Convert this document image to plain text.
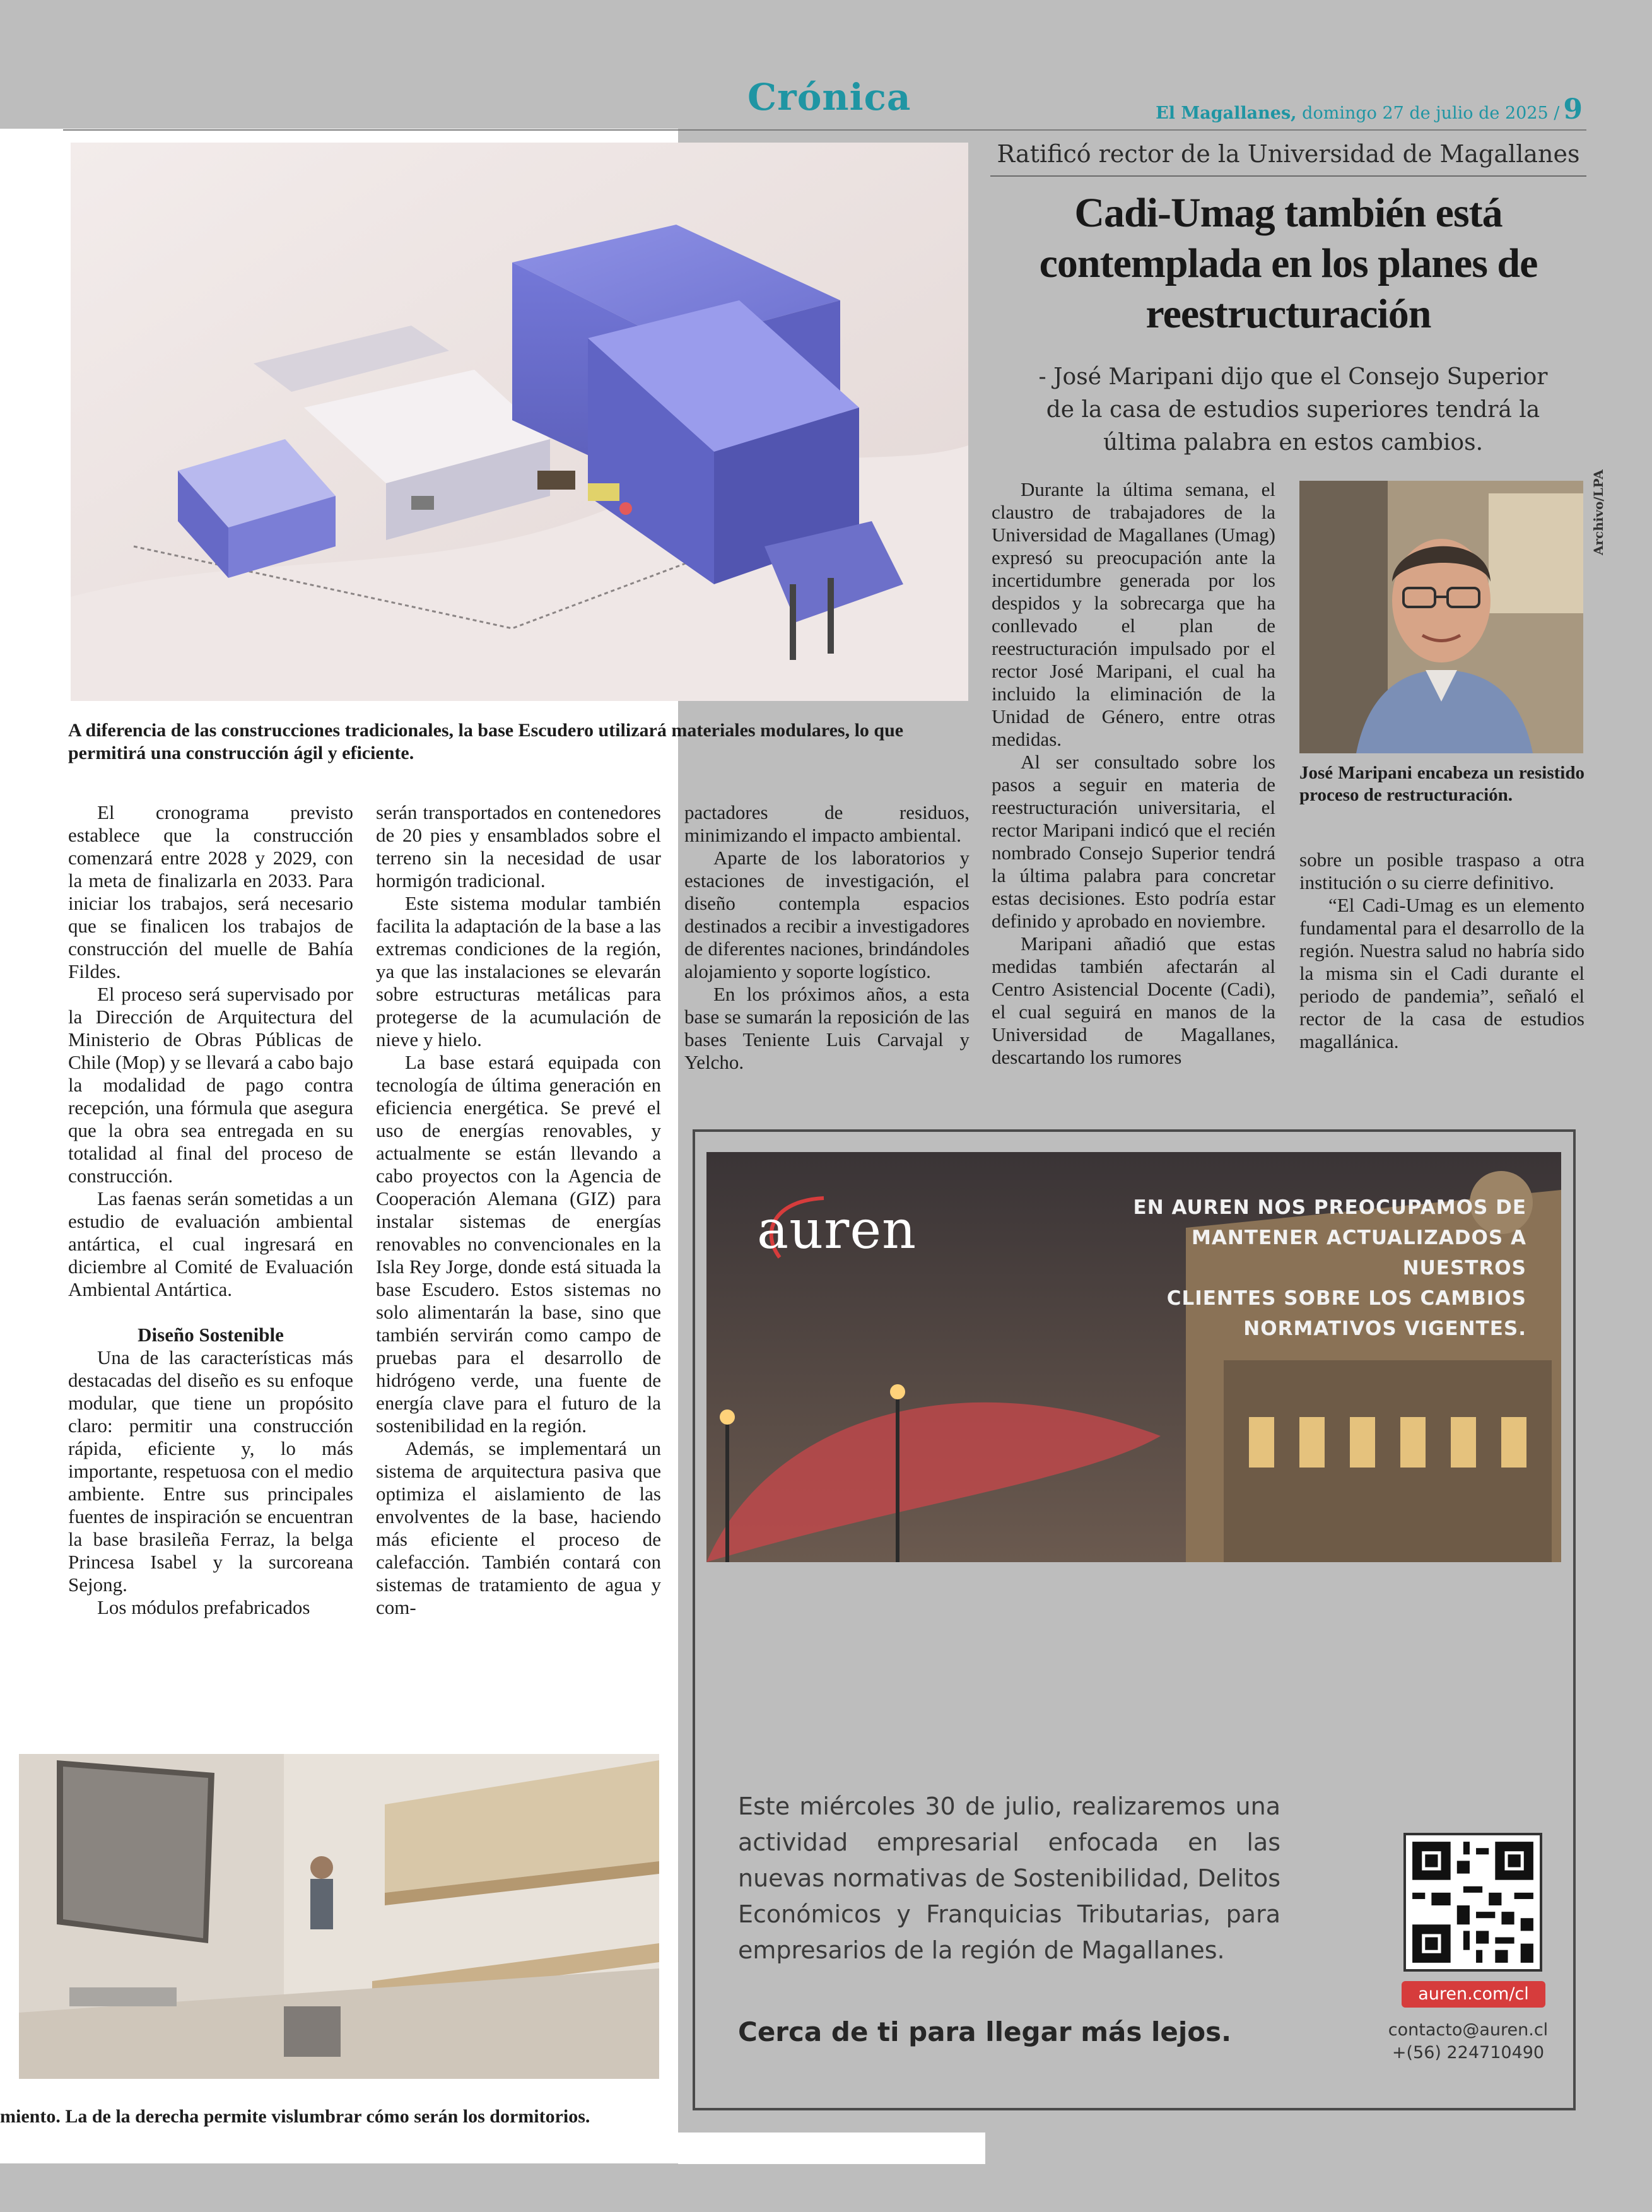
Crónica	El Magallanes, domingo 27 de julio de 2025 / 9
A diferencia de las construcciones tradicionales, la base Escudero utilizará materiales modulares, lo que permitirá una construcción ágil y eficiente.
Ratificó rector de la Universidad de Magallanes
Cadi-Umag también está contemplada en los planes de reestructuración
- José Maripani dijo que el Consejo Superior de la casa de estudios superiores tendrá la última palabra en estos cambios.

El cronograma previsto establece que la construcción comenzará entre 2028 y 2029, con la meta de finalizarla en 2033. Para iniciar los trabajos, será necesario que se finalicen los trabajos de construcción del muelle de Bahía Fildes.

El proceso será supervisado por la Dirección de Arquitectura del Ministerio de Obras Públicas de Chile (Mop) y se llevará a cabo bajo la modalidad de pago contra recepción, una fórmula que asegura que la obra sea entregada en su totalidad al final del proceso de construcción.

Las faenas serán sometidas a un estudio de evaluación ambiental antártica, el cual ingresará en diciembre al Comité de Evaluación Ambiental Antártica.

Diseño Sostenible

Una de las características más destacadas del diseño es su enfoque modular, que tiene un propósito claro: permitir una construcción rápida, eficiente y, lo más importante, respetuosa con el medio ambiente. Entre sus principales fuentes de inspiración se encuentran la base brasileña Ferraz, la belga Princesa Isabel y la surcoreana Sejong.

Los módulos prefabricados

serán transportados en contenedores de 20 pies y ensamblados sobre el terreno sin la necesidad de usar hormigón tradicional.

Este sistema modular también facilita la adaptación de la base a las extremas condiciones de la región, ya que las instalaciones se elevarán sobre estructuras metálicas para protegerse de la acumulación de nieve y hielo.

La base estará equipada con tecnología de última generación en eficiencia energética. Se prevé el uso de energías renovables, y actualmente se están llevando a cabo proyectos con la Agencia de Cooperación Alemana (GIZ) para instalar sistemas de energías renovables no convencionales en la Isla Rey Jorge, donde está situada la base Escudero. Estos sistemas no solo alimentarán la base, sino que también servirán como campo de pruebas para el desarrollo de hidrógeno verde, una fuente de energía clave para el futuro de la sostenibilidad en la región.

Además, se implementará un sistema de arquitectura pasiva que optimiza el aislamiento de las envolventes de la base, haciendo más eficiente el proceso de calefacción. También contará con sistemas de tratamiento de agua y com-

pactadores de residuos, minimizando el impacto ambiental.

Aparte de los laboratorios y estaciones de investigación, el diseño contempla espacios destinados a recibir a investigadores de diferentes naciones, brindándoles alojamiento y soporte logístico.

En los próximos años, a esta base se sumarán la reposición de las bases Teniente Luis Carvajal y Yelcho.

Durante la última semana, el claustro de trabajadores de la Universidad de Magallanes (Umag) expresó su preocupación ante la incertidumbre generada por los despidos y la sobrecarga que ha conllevado el plan de reestructuración impulsado por el rector José Maripani, el cual ha incluido la eliminación de la Unidad de Género, entre otras medidas.

Al ser consultado sobre los pasos a seguir en materia de reestructuración universitaria, el rector Maripani indicó que el recién nombrado Consejo Superior tendrá la última palabra para concretar estas decisiones. Esto podría estar definido y aprobado en noviembre.

Maripani añadió que estas medidas también afectarán al Centro Asistencial Docente (Cadi), el cual seguirá en manos de la Universidad de Magallanes, descartando los rumores

Archivo/LPA
José Maripani encabeza un resistido proceso de restructuración.

sobre un posible traspaso a otra institución o su cierre definitivo.

“El Cadi-Umag es un elemento fundamental para el desarrollo de la región. Nuestra salud no habría sido la misma sin el Cadi durante el periodo de pandemia”, señaló el rector de la casa de estudios magallánica.

miento. La de la derecha permite vislumbrar cómo serán los dormitorios.
auren	EN AUREN NOS PREOCUPAMOS DE
MANTENER ACTUALIZADOS A NUESTROS
CLIENTES SOBRE LOS CAMBIOS
NORMATIVOS VIGENTES.
Este miércoles 30 de julio, realizaremos una actividad empresarial enfocada en las nuevas normativas de Sostenibilidad, Delitos Económicos y Franquicias Tributarias, para empresarios de la región de Magallanes.
Cerca de ti para llegar más lejos.
auren.com/cl
contacto@auren.cl
+(56) 224710490
